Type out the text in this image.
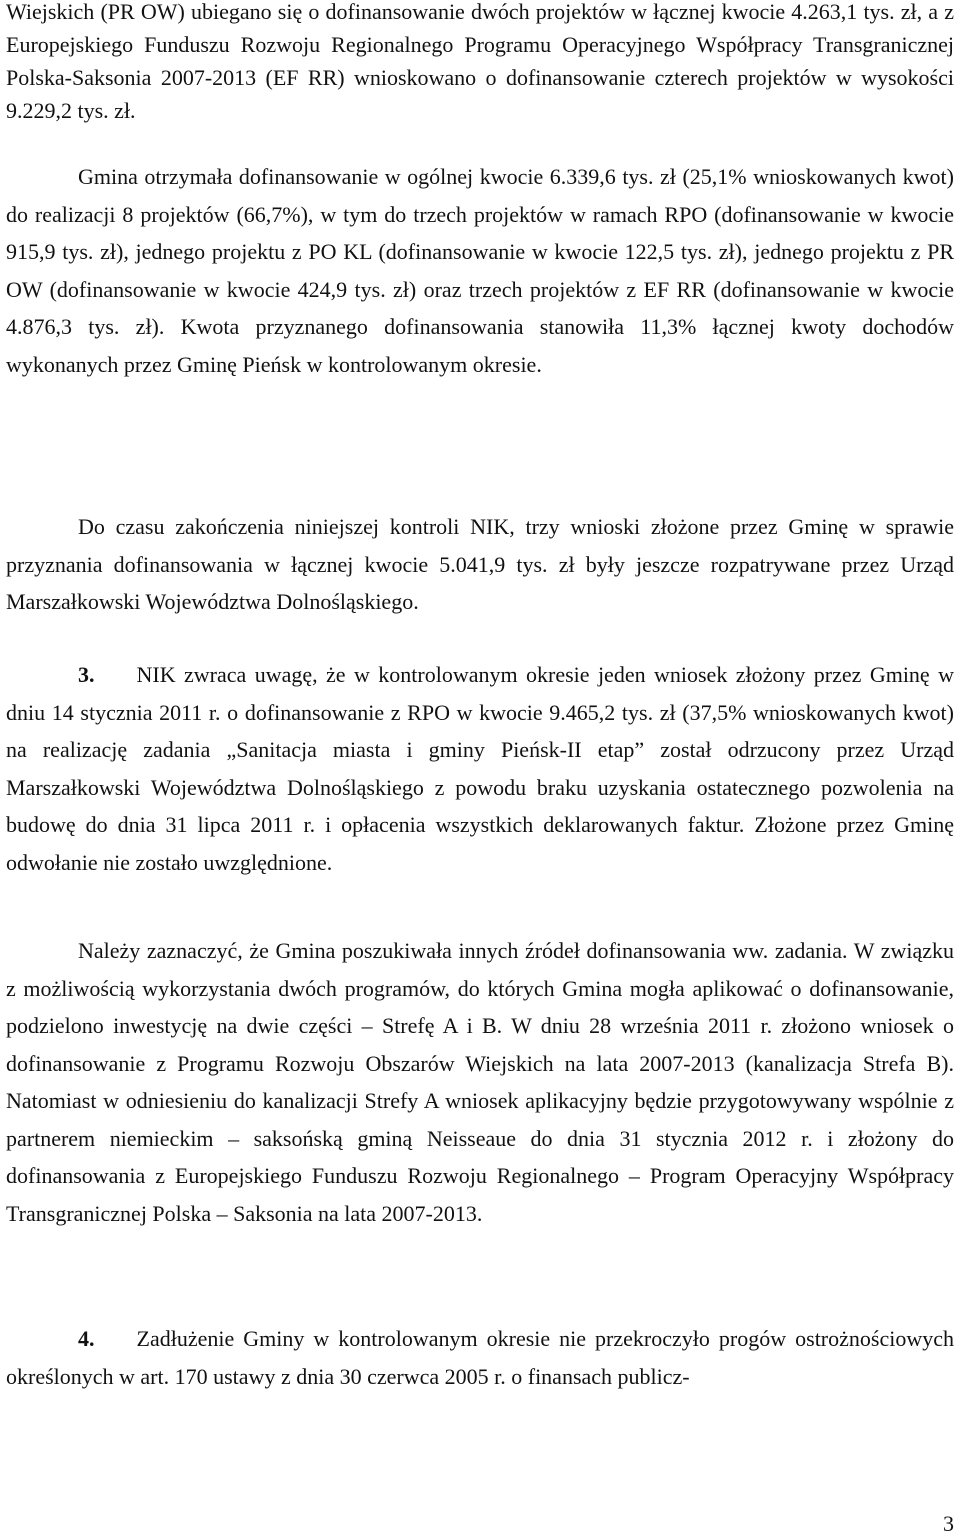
Wiejskich (PR OW) ubiegano się o dofinansowanie dwóch projektów w łącznej kwocie 4.263,1 tys. zł, a z Europejskiego Funduszu Rozwoju Regionalnego Programu Operacyjnego Współpracy Transgranicznej Polska-Saksonia 2007-2013 (EF RR) wnioskowano o dofinansowanie czterech projektów w wysokości 9.229,2 tys. zł.

Gmina otrzymała dofinansowanie w ogólnej kwocie 6.339,6 tys. zł (25,1% wnioskowanych kwot) do realizacji 8 projektów (66,7%), w tym do trzech projektów w ramach RPO (dofinansowanie w kwocie 915,9 tys. zł), jednego projektu z PO KL (dofinansowanie w kwocie 122,5 tys. zł), jednego projektu z PR OW (dofinansowanie w kwocie 424,9 tys. zł) oraz trzech projektów z EF RR (dofinansowanie w kwocie 4.876,3 tys. zł). Kwota przyznanego dofinansowania stanowiła 11,3% łącznej kwoty dochodów wykonanych przez Gminę Pieńsk w kontrolowanym okresie.

Do czasu zakończenia niniejszej kontroli NIK, trzy wnioski złożone przez Gminę w sprawie przyznania dofinansowania w łącznej kwocie 5.041,9 tys. zł były jeszcze rozpatrywane przez Urząd Marszałkowski Województwa Dolnośląskiego.

3. NIK zwraca uwagę, że w kontrolowanym okresie jeden wniosek złożony przez Gminę w dniu 14 stycznia 2011 r. o dofinansowanie z RPO w kwocie 9.465,2 tys. zł (37,5% wnioskowanych kwot) na realizację zadania „Sanitacja miasta i gminy Pieńsk-II etap” został odrzucony przez Urząd Marszałkowski Województwa Dolnośląskiego z powodu braku uzyskania ostatecznego pozwolenia na budowę do dnia 31 lipca 2011 r. i opłacenia wszystkich deklarowanych faktur. Złożone przez Gminę odwołanie nie zostało uwzględnione.

Należy zaznaczyć, że Gmina poszukiwała innych źródeł dofinansowania ww. zadania. W związku z możliwością wykorzystania dwóch programów, do których Gmina mogła aplikować o dofinansowanie, podzielono inwestycję na dwie części – Strefę A i B. W dniu 28 września 2011 r. złożono wniosek o dofinansowanie z Programu Rozwoju Obszarów Wiejskich na lata 2007-2013 (kanalizacja Strefa B). Natomiast w odniesieniu do kanalizacji Strefy A wniosek aplikacyjny będzie przygotowywany wspólnie z partnerem niemieckim – saksońską gminą Neisseaue do dnia 31 stycznia 2012 r. i złożony do dofinansowania z Europejskiego Funduszu Rozwoju Regionalnego – Program Operacyjny Współpracy Transgranicznej Polska – Saksonia na lata 2007-2013.

4. Zadłużenie Gminy w kontrolowanym okresie nie przekroczyło progów ostrożnościowych określonych w art. 170 ustawy z dnia 30 czerwca 2005 r. o finansach publicz-

3
